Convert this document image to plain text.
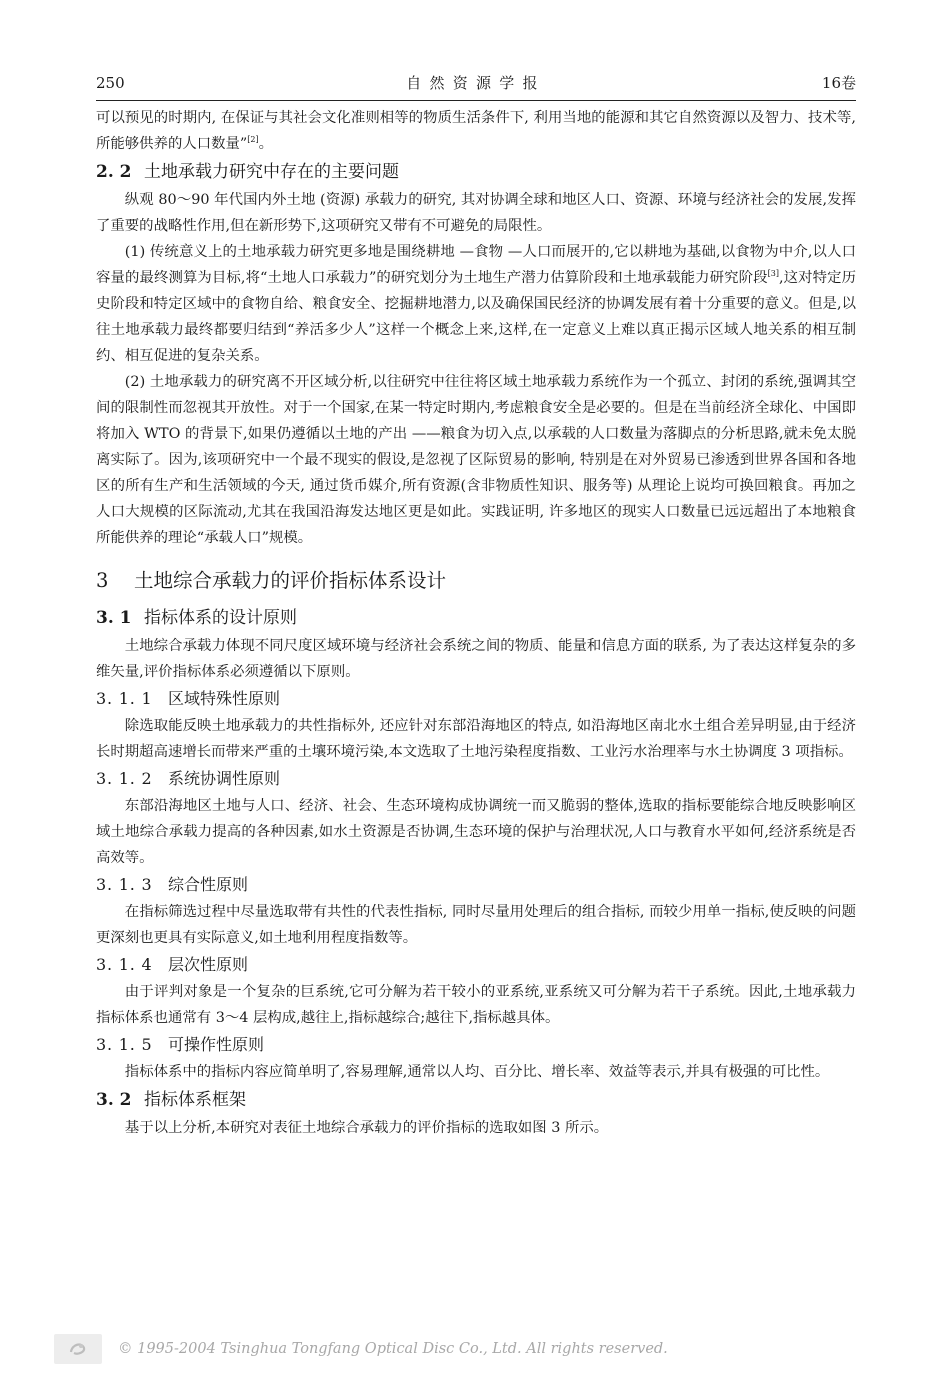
250	自然资源学报	16卷

可以预见的时期内, 在保证与其社会文化准则相等的物质生活条件下, 利用当地的能源和其它自然资源以及智力、技术等,所能够供养的人口数量”[2]。

2. 2 土地承载力研究中存在的主要问题

纵观 80～90 年代国内外土地 (资源) 承载力的研究, 其对协调全球和地区人口、资源、环境与经济社会的发展,发挥了重要的战略性作用,但在新形势下,这项研究又带有不可避免的局限性。

(1) 传统意义上的土地承载力研究更多地是围绕耕地 —食物 —人口而展开的,它以耕地为基础,以食物为中介,以人口容量的最终测算为目标,将“土地人口承载力”的研究划分为土地生产潜力估算阶段和土地承载能力研究阶段[3],这对特定历史阶段和特定区域中的食物自给、粮食安全、挖掘耕地潜力,以及确保国民经济的协调发展有着十分重要的意义。但是,以往土地承载力最终都要归结到“养活多少人”这样一个概念上来,这样,在一定意义上难以真正揭示区域人地关系的相互制约、相互促进的复杂关系。

(2) 土地承载力的研究离不开区域分析,以往研究中往往将区域土地承载力系统作为一个孤立、封闭的系统,强调其空间的限制性而忽视其开放性。对于一个国家,在某一特定时期内,考虑粮食安全是必要的。但是在当前经济全球化、中国即将加入 WTO 的背景下,如果仍遵循以土地的产出 ——粮食为切入点,以承载的人口数量为落脚点的分析思路,就未免太脱离实际了。因为,该项研究中一个最不现实的假设,是忽视了区际贸易的影响, 特别是在对外贸易已渗透到世界各国和各地区的所有生产和生活领域的今天, 通过货币媒介,所有资源(含非物质性知识、服务等) 从理论上说均可换回粮食。再加之人口大规模的区际流动,尤其在我国沿海发达地区更是如此。实践证明, 许多地区的现实人口数量已远远超出了本地粮食所能供养的理论“承载人口”规模。

3 土地综合承载力的评价指标体系设计
3. 1 指标体系的设计原则

土地综合承载力体现不同尺度区域环境与经济社会系统之间的物质、能量和信息方面的联系, 为了表达这样复杂的多维矢量,评价指标体系必须遵循以下原则。

3. 1. 1 区域特殊性原则

除选取能反映土地承载力的共性指标外, 还应针对东部沿海地区的特点, 如沿海地区南北水土组合差异明显,由于经济长时期超高速增长而带来严重的土壤环境污染,本文选取了土地污染程度指数、工业污水治理率与水土协调度 3 项指标。

3. 1. 2 系统协调性原则

东部沿海地区土地与人口、经济、社会、生态环境构成协调统一而又脆弱的整体,选取的指标要能综合地反映影响区域土地综合承载力提高的各种因素,如水土资源是否协调,生态环境的保护与治理状况,人口与教育水平如何,经济系统是否高效等。

3. 1. 3 综合性原则

在指标筛选过程中尽量选取带有共性的代表性指标, 同时尽量用处理后的组合指标, 而较少用单一指标,使反映的问题更深刻也更具有实际意义,如土地利用程度指数等。

3. 1. 4 层次性原则

由于评判对象是一个复杂的巨系统,它可分解为若干较小的亚系统,亚系统又可分解为若干子系统。因此,土地承载力指标体系也通常有 3～4 层构成,越往上,指标越综合;越往下,指标越具体。

3. 1. 5 可操作性原则

指标体系中的指标内容应简单明了,容易理解,通常以人均、百分比、增长率、效益等表示,并具有极强的可比性。

3. 2 指标体系框架

基于以上分析,本研究对表征土地综合承载力的评价指标的选取如图 3 所示。

© 1995-2004 Tsinghua Tongfang Optical Disc Co., Ltd. All rights reserved.
